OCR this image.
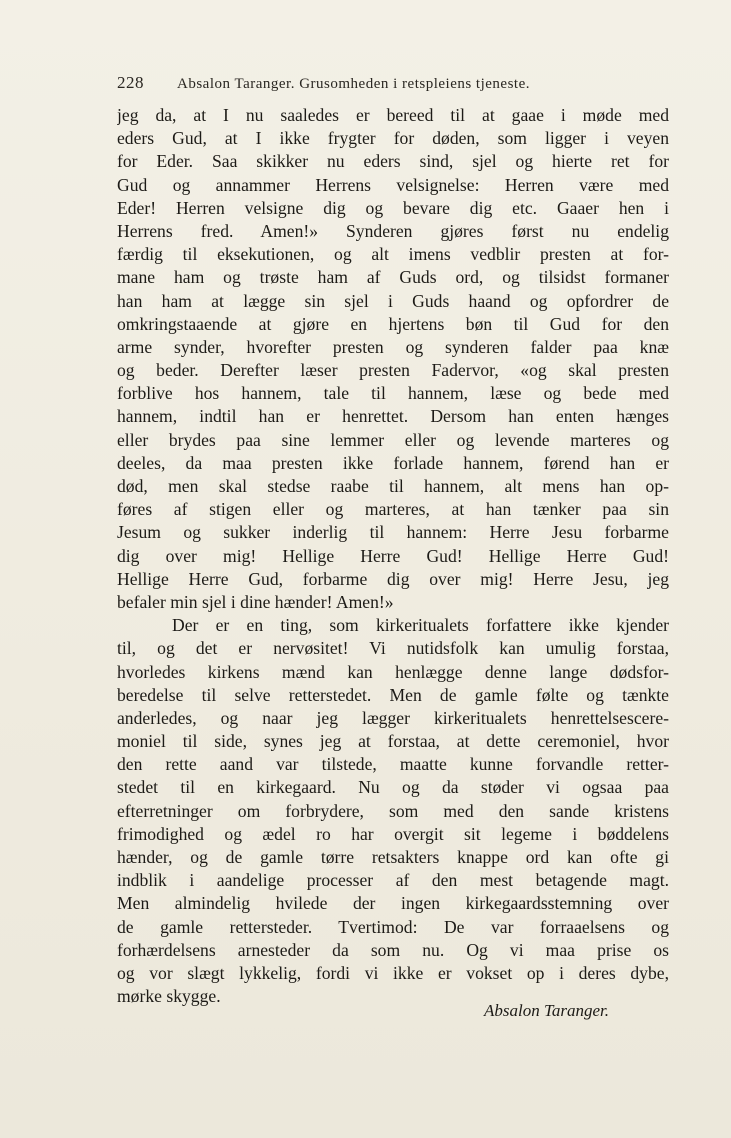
228 Absalon Taranger. Grusomheden i retspleiens tjeneste.
jeg da, at I nu saaledes er bereed til at gaae i møde med
eders Gud, at I ikke frygter for døden, som ligger i veyen
for Eder. Saa skikker nu eders sind, sjel og hierte ret for
Gud og annammer Herrens velsignelse: Herren være med
Eder! Herren velsigne dig og bevare dig etc. Gaaer hen i
Herrens fred. Amen!» Synderen gjøres først nu endelig
færdig til eksekutionen, og alt imens vedblir presten at for-
mane ham og trøste ham af Guds ord, og tilsidst formaner
han ham at lægge sin sjel i Guds haand og opfordrer de
omkringstaaende at gjøre en hjertens bøn til Gud for den
arme synder, hvorefter presten og synderen falder paa knæ
og beder. Derefter læser presten Fadervor, «og skal presten
forblive hos hannem, tale til hannem, læse og bede med
hannem, indtil han er henrettet. Dersom han enten hænges
eller brydes paa sine lemmer eller og levende marteres og
deeles, da maa presten ikke forlade hannem, førend han er
død, men skal stedse raabe til hannem, alt mens han op-
føres af stigen eller og marteres, at han tænker paa sin
Jesum og sukker inderlig til hannem: Herre Jesu forbarme
dig over mig! Hellige Herre Gud! Hellige Herre Gud!
Hellige Herre Gud, forbarme dig over mig! Herre Jesu, jeg
befaler min sjel i dine hænder! Amen!»
Der er en ting, som kirkeritualets forfattere ikke kjender
til, og det er nervøsitet! Vi nutidsfolk kan umulig forstaa,
hvorledes kirkens mænd kan henlægge denne lange dødsfor-
beredelse til selve retterstedet. Men de gamle følte og tænkte
anderledes, og naar jeg lægger kirkeritualets henrettelsescere-
moniel til side, synes jeg at forstaa, at dette ceremoniel, hvor
den rette aand var tilstede, maatte kunne forvandle retter-
stedet til en kirkegaard. Nu og da støder vi ogsaa paa
efterretninger om forbrydere, som med den sande kristens
frimodighed og ædel ro har overgit sit legeme i bøddelens
hænder, og de gamle tørre retsakters knappe ord kan ofte gi
indblik i aandelige processer af den mest betagende magt.
Men almindelig hvilede der ingen kirkegaardsstemning over
de gamle rettersteder. Tvertimod: De var forraaelsens og
forhærdelsens arnesteder da som nu. Og vi maa prise os
og vor slægt lykkelig, fordi vi ikke er vokset op i deres dybe,
mørke skygge.
Absalon Taranger.
